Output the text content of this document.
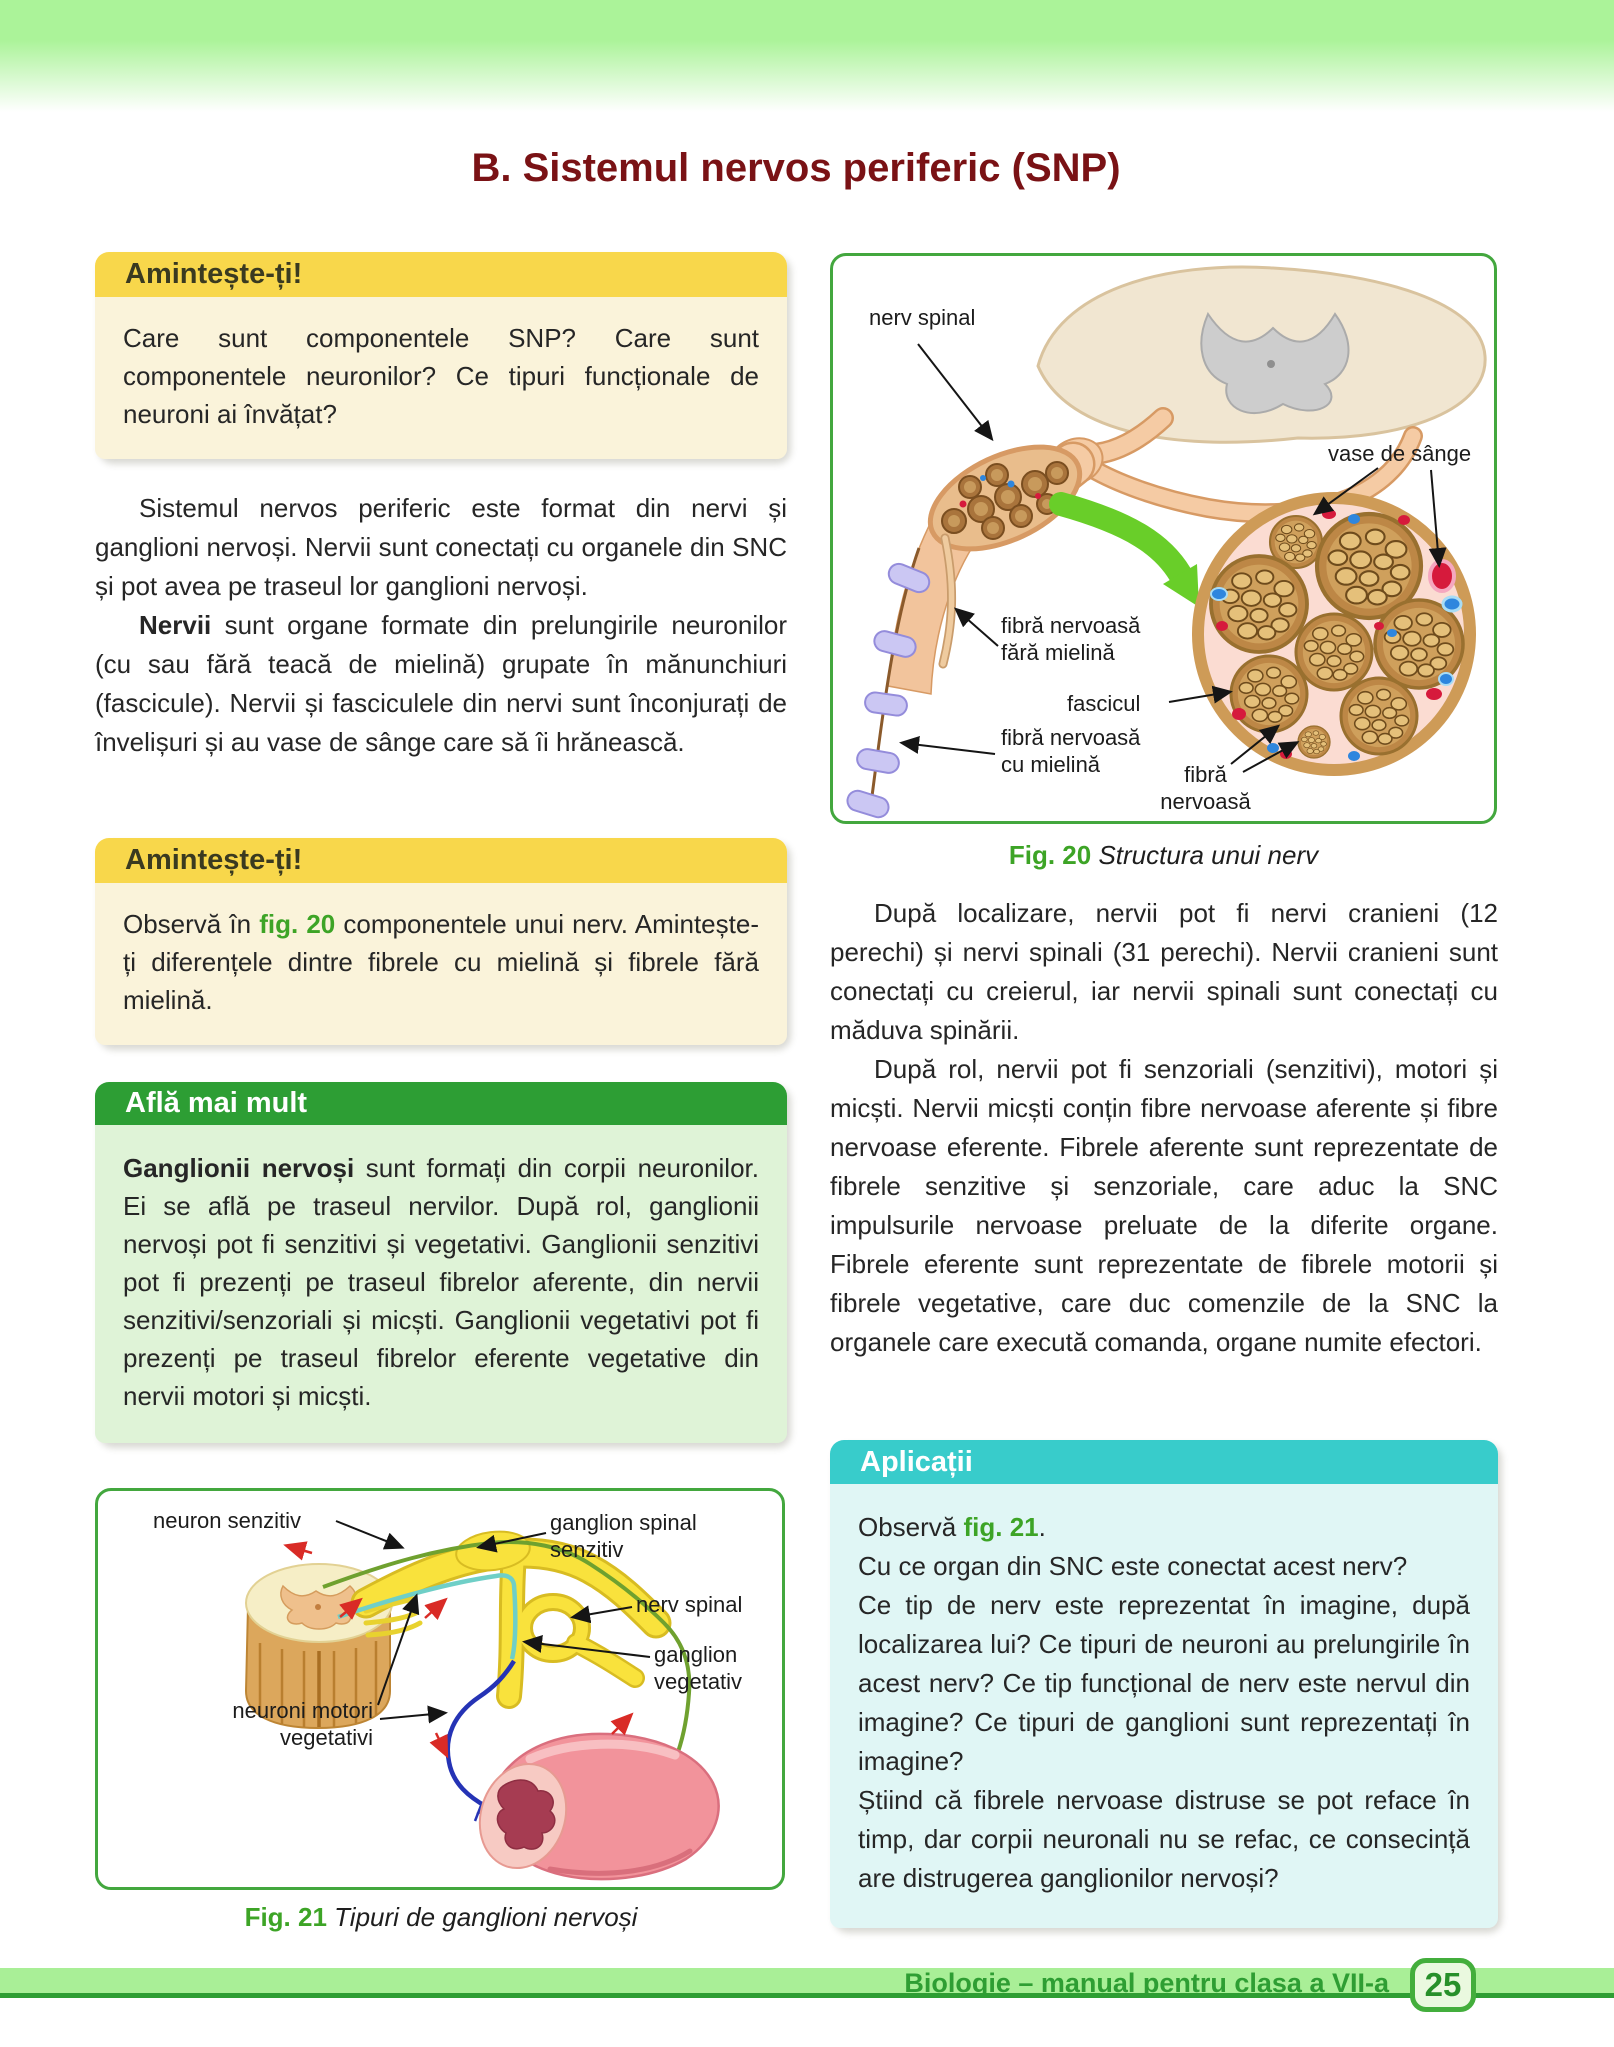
B. Sistemul nervos periferic (SNP)
Amintește-ți!
Care sunt componentele SNP? Care sunt componentele neuronilor? Ce tipuri funcționale de neuroni ai învățat?

Sistemul nervos periferic este format din nervi și ganglioni nervoși. Nervii sunt conectați cu organele din SNC și pot avea pe traseul lor ganglioni nervoși.

Nervii sunt organe formate din prelungirile neuronilor (cu sau fără teacă de mielină) grupate în mănunchiuri (fascicule). Nervii și fasciculele din nervi sunt înconjurați de învelișuri și au vase de sânge care să îi hrănească.

Amintește-ți!
Observă în fig. 20 componentele unui nerv. Amintește-ți diferențele dintre fibrele cu mielină și fibrele fără mielină.
Află mai mult
Ganglionii nervoși sunt formați din corpii neuronilor. Ei se află pe traseul nervilor. După rol, ganglionii nervoși pot fi senzitivi și vegetativi. Ganglionii senzitivi pot fi prezenți pe traseul fibrelor aferente, din nervii senzitivi/senzoriali și micști. Ganglionii vegetativi pot fi prezenți pe traseul fibrelor eferente vegetative din nervii motori și micști.
neuron senzitiv	ganglion spinal
senzitiv
nerv spinal
ganglion
vegetativ
neuroni motori
vegetativi
Fig. 21 Tipuri de ganglioni nervoși
nerv spinal
vase de sânge
fibră nervoasă
fără mielină
fascicul
fibră nervoasă
cu mielină	fibră
nervoasă
Fig. 20 Structura unui nerv

După localizare, nervii pot fi nervi cranieni (12 perechi) și nervi spinali (31 perechi). Nervii cranieni sunt conectați cu creierul, iar nervii spinali sunt conectați cu măduva spinării.

După rol, nervii pot fi senzoriali (senzitivi), motori și micști. Nervii micști conțin fibre nervoase aferente și fibre nervoase eferente. Fibrele aferente sunt reprezentate de fibrele senzitive și senzoriale, care aduc la SNC impulsurile nervoase preluate de la diferite organe. Fibrele eferente sunt reprezentate de fibrele motorii și fibrele vegetative, care duc comenzile de la SNC la organele care execută comanda, organe numite efectori.

Aplicații

Observă fig. 21.

Cu ce organ din SNC este conectat acest nerv?

Ce tip de nerv este reprezentat în imagine, după localizarea lui? Ce tipuri de neuroni au prelungirile în acest nerv? Ce tip funcțional de nerv este nervul din imagine? Ce tipuri de ganglioni sunt reprezentați în imagine?

Știind că fibrele nervoase distruse se pot reface în timp, dar corpii neuronali nu se refac, ce consecință are distrugerea ganglionilor nervoși?

Biologie – manual pentru clasa a VII-a	25
